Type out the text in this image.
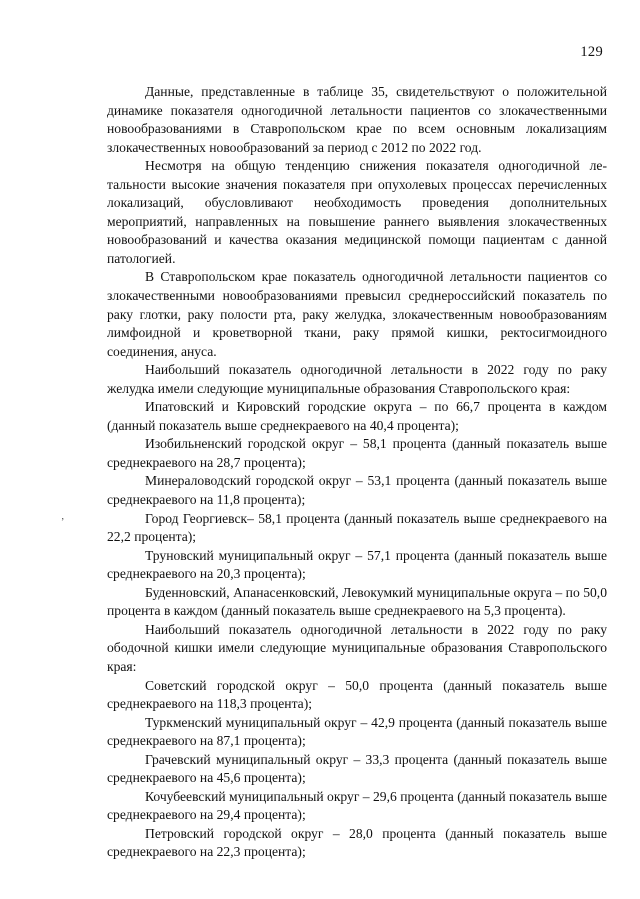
129
’

Данные, представленные в таблице 35, свидетельствуют о положительной динамике показателя одногодичной летальности пациентов со злокачественными новообразованиями в Ставропольском крае по всем основным локализациям злокачественных новообразований за период с 2012 по 2022 год.

Несмотря на общую тенденцию снижения показателя одногодичной летальности высокие значения показателя при опухолевых процессах перечисленных локализаций, обусловливают необходимость проведения дополнительных мероприятий, направленных на повышение раннего выявления злокачественных новообразований и качества оказания медицинской помощи пациентам с данной патологией.

В Ставропольском крае показатель одногодичной летальности пациентов со злокачественными новообразованиями превысил среднероссийский показатель по раку глотки, раку полости рта, раку желудка, злокачественным новообразованиям лимфоидной и кроветворной ткани, раку прямой кишки, ректосигмоидного соединения, ануса.

Наибольший показатель одногодичной летальности в 2022 году по раку желудка имели следующие муниципальные образования Ставропольского края:

Ипатовский и Кировский городские округа – по 66,7 процента в каждом (данный показатель выше среднекраевого на 40,4 процента);

Изобильненский городской округ – 58,1 процента (данный показатель выше среднекраевого на 28,7 процента);

Минераловодский городской округ – 53,1 процента (данный показатель выше среднекраевого на 11,8 процента);

Город Георгиевск– 58,1 процента (данный показатель выше среднекраевого на 22,2 процента);

Труновский муниципальный округ – 57,1 процента (данный показатель выше среднекраевого на 20,3 процента);

Буденновский, Апанасенковский, Левокумкий муниципальные округа – по 50,0 процента в каждом (данный показатель выше среднекраевого на 5,3 процента).

Наибольший показатель одногодичной летальности в 2022 году по раку ободочной кишки имели следующие муниципальные образования Ставропольского края:

Советский городской округ – 50,0 процента (данный показатель выше среднекраевого на 118,3 процента);

Туркменский муниципальный округ – 42,9 процента (данный показатель выше среднекраевого на 87,1 процента);

Грачевский муниципальный округ – 33,3 процента (данный показатель выше среднекраевого на 45,6 процента);

Кочубеевский муниципальный округ – 29,6 процента (данный показатель выше среднекраевого на 29,4 процента);

Петровский городской округ – 28,0 процента (данный показатель выше среднекраевого на 22,3 процента);
